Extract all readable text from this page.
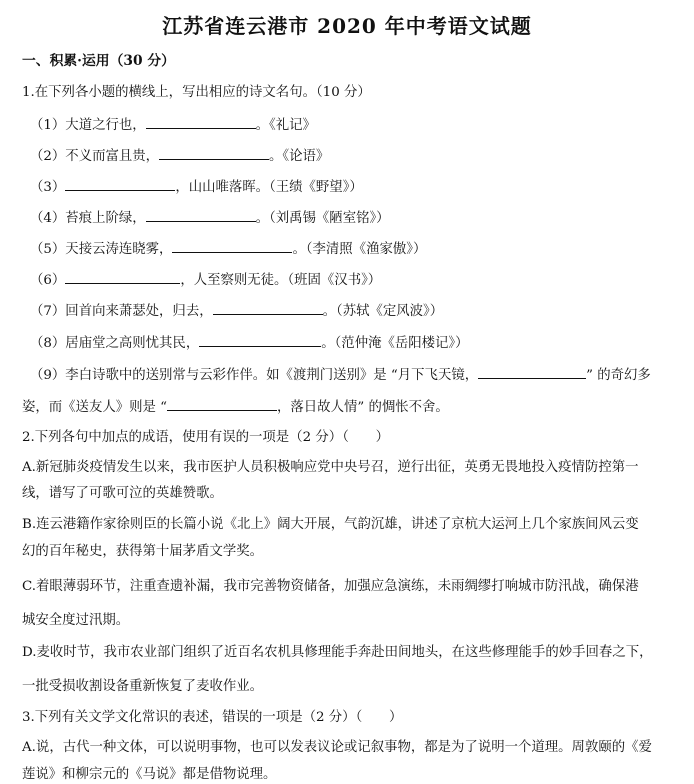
江苏省连云港市 2020 年中考语文试题
一、积累·运用（30 分）
1.在下列各小题的横线上，写出相应的诗文名句。（10 分）
（1）大道之行也，	。《礼记》
（2）不义而富且贵，	。《论语》
（3）	，山山唯落晖。（王绩《野望》）
（4）苔痕上阶绿，	。（刘禹锡《陋室铭》）
（5）天接云涛连晓雾，	。（李清照《渔家傲》）
（6）	，人至察则无徒。（班固《汉书》）
（7）回首向来萧瑟处，归去，	。（苏轼《定风波》）
（8）居庙堂之高则忧其民，	。（范仲淹《岳阳楼记》）
（9）李白诗歌中的送别常与云彩作伴。如《渡荆门送别》是 “月下飞天镜，	” 的奇幻多
姿，而《送友人》则是 “	，落日故人情” 的惆怅不舍。
2.下列各句中加点的成语，使用有误的一项是（2 分）（　　）
A.新冠肺炎疫情发生以来，我市医护人员积极响应党中央号召，逆行出征，英勇无畏地投入疫情防控第一
线，谱写了可歌可泣的英雄赞歌。
B.连云港籍作家徐则臣的长篇小说《北上》阔大开展，气韵沉雄，讲述了京杭大运河上几个家族间风云变
幻的百年秘史，获得第十届茅盾文学奖。
C.着眼薄弱环节，注重查遗补漏，我市完善物资储备，加强应急演练，未雨绸缪打响城市防汛战，确保港
城安全度过汛期。
D.麦收时节，我市农业部门组织了近百名农机具修理能手奔赴田间地头，在这些修理能手的妙手回春之下，
一批受损收割设备重新恢复了麦收作业。
3.下列有关文学文化常识的表述，错误的一项是（2 分）（　　）
A.说，古代一种文体，可以说明事物，也可以发表议论或记叙事物，都是为了说明一个道理。周敦颐的《爱
莲说》和柳宗元的《马说》都是借物说理。
